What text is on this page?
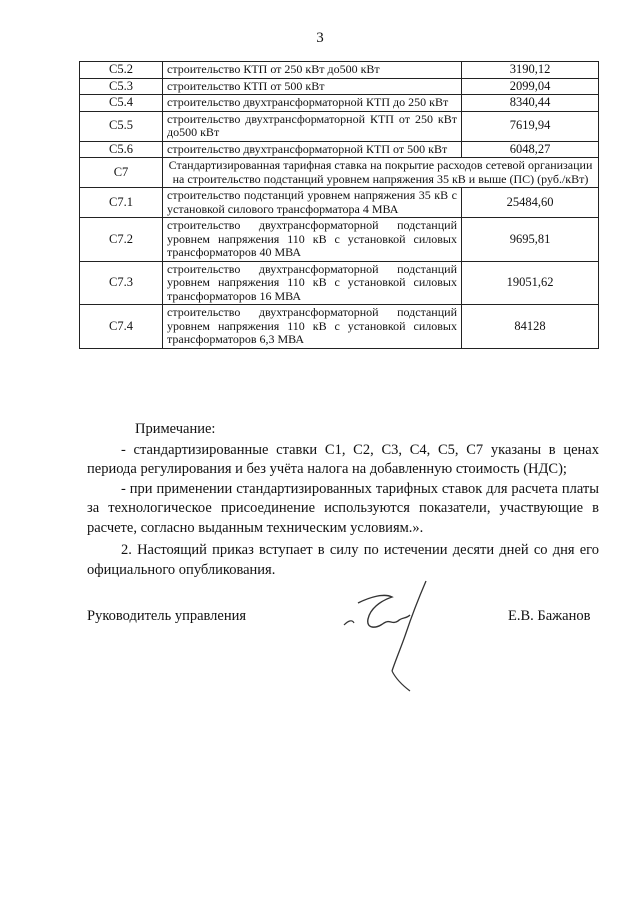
3
С5.2	строительство КТП от 250 кВт до500 кВт	3190,12
С5.3	строительство КТП от 500 кВт	2099,04
С5.4	строительство двухтрансформаторной КТП до 250 кВт	8340,44
С5.5	строительство двухтрансформаторной КТП от 250 кВт до500 кВт	7619,94
С5.6	строительство двухтрансформаторной КТП от 500 кВт	6048,27
С7	Стандартизированная тарифная ставка на покрытие расходов сетевой организации на строительство подстанций уровнем напряжения 35 кВ и выше (ПС) (руб./кВт)	
С7.1	строительство подстанций уровнем напряжения 35 кВ с установкой силового трансформатора 4 МВА	25484,60
С7.2	строительство двухтрансформаторной подстанций уровнем напряжения 110 кВ с установкой силовых трансформаторов 40 МВА	9695,81
С7.3	строительство двухтрансформаторной подстанций уровнем напряжения 110 кВ с установкой силовых трансформаторов 16 МВА	19051,62
С7.4	строительство двухтрансформаторной подстанций уровнем напряжения 110 кВ с установкой силовых трансформаторов 6,3 МВА	84128

Примечание:

- стандартизированные ставки С1, С2, С3, С4, С5, С7 указаны в ценах периода регулирования и без учёта налога на добавленную стоимость (НДС);

- при применении стандартизированных тарифных ставок для расчета платы за технологическое присоединение используются показатели, участвующие в расчете, согласно выданным техническим условиям.».

2. Настоящий приказ вступает в силу по истечении десяти дней со дня его официального опубликования.

Руководитель управления	Е.В. Бажанов
